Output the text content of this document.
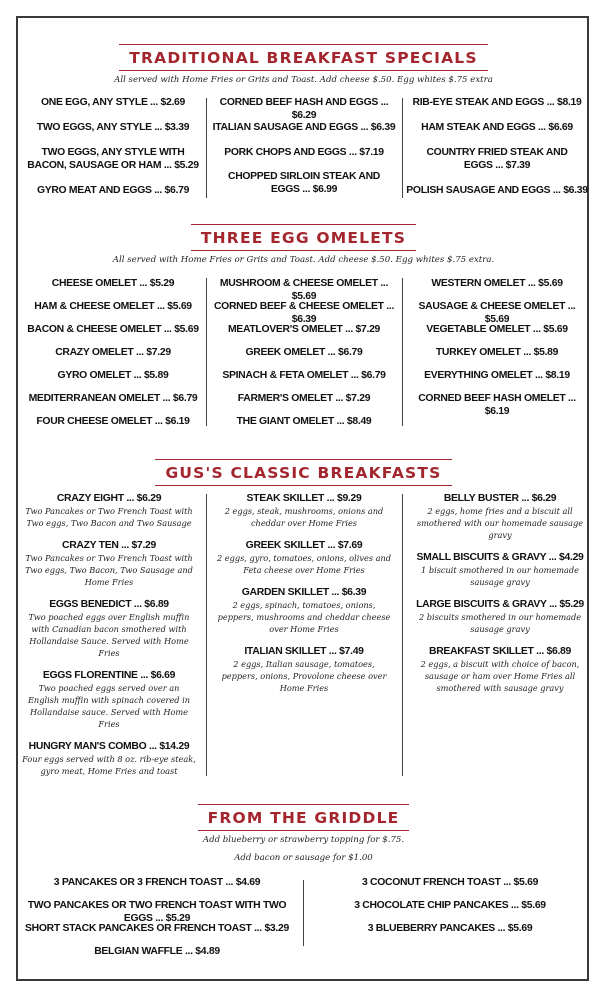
TRADITIONAL BREAKFAST SPECIALS
All served with Home Fries or Grits and Toast. Add cheese $.50. Egg whites $.75 extra
ONE EGG, ANY STYLE ... $2.69
TWO EGGS, ANY STYLE ... $3.39
TWO EGGS, ANY STYLE WITH BACON, SAUSAGE OR HAM ... $5.29
GYRO MEAT AND EGGS ... $6.79
CORNED BEEF HASH AND EGGS ... $6.29
ITALIAN SAUSAGE AND EGGS ... $6.39
PORK CHOPS AND EGGS ... $7.19
CHOPPED SIRLOIN STEAK AND EGGS ... $6.99
RIB-EYE STEAK AND EGGS ... $8.19
HAM STEAK AND EGGS ... $6.69
COUNTRY FRIED STEAK AND EGGS ... $7.39
POLISH SAUSAGE AND EGGS ... $6.39
THREE EGG OMELETS
All served with Home Fries or Grits and Toast. Add cheese $.50. Egg whites $.75 extra.
CHEESE OMELET ... $5.29
HAM & CHEESE OMELET ... $5.69
BACON & CHEESE OMELET ... $5.69
CRAZY OMELET ... $7.29
GYRO OMELET ... $5.89
MEDITERRANEAN OMELET ... $6.79
FOUR CHEESE OMELET ... $6.19
MUSHROOM & CHEESE OMELET ... $5.69
CORNED BEEF & CHEESE OMELET ... $6.39
MEATLOVER'S OMELET ... $7.29
GREEK OMELET ... $6.79
SPINACH & FETA OMELET ... $6.79
FARMER'S OMELET ... $7.29
THE GIANT OMELET ... $8.49
WESTERN OMELET ... $5.69
SAUSAGE & CHEESE OMELET ... $5.69
VEGETABLE OMELET ... $5.69
TURKEY OMELET ... $5.89
EVERYTHING OMELET ... $8.19
CORNED BEEF HASH OMELET ... $6.19
GUS'S CLASSIC BREAKFASTS
CRAZY EIGHT ... $6.29
Two Pancakes or Two French Toast with Two eggs, Two Bacon and Two Sausage
CRAZY TEN ... $7.29
Two Pancakes or Two French Toast with Two eggs, Two Bacon, Two Sausage and Home Fries
EGGS BENEDICT ... $6.89
Two poached eggs over English muffin with Canadian bacon smothered with Hollandaise Sauce. Served with Home Fries
EGGS FLORENTINE ... $6.69
Two poached eggs served over an English muffin with spinach covered in Hollandaise sauce. Served with Home Fries
HUNGRY MAN'S COMBO ... $14.29
Four eggs served with 8 oz. rib-eye steak, gyro meat, Home Fries and toast
STEAK SKILLET ... $9.29
2 eggs, steak, mushrooms, onions and cheddar over Home Fries
GREEK SKILLET ... $7.69
2 eggs, gyro, tomatoes, onions, olives and Feta cheese over Home Fries
GARDEN SKILLET ... $6.39
2 eggs, spinach, tomatoes, onions, peppers, mushrooms and cheddar cheese over Home Fries
ITALIAN SKILLET ... $7.49
2 eggs, Italian sausage, tomatoes, peppers, onions, Provolone cheese over Home Fries
BELLY BUSTER ... $6.29
2 eggs, home fries and a biscuit all smothered with our homemade sausage gravy
SMALL BISCUITS & GRAVY ... $4.29
1 biscuit smothered in our homemade sausage gravy
LARGE BISCUITS & GRAVY ... $5.29
2 biscuits smothered in our homemade sausage gravy
BREAKFAST SKILLET ... $6.89
2 eggs, a biscuit with choice of bacon, sausage or ham over Home Fries all smothered with sausage gravy
FROM THE GRIDDLE
Add blueberry or strawberry topping for $.75.
Add bacon or sausage for $1.00
3 PANCAKES OR 3 FRENCH TOAST ... $4.69
TWO PANCAKES OR TWO FRENCH TOAST WITH TWO EGGS ... $5.29
SHORT STACK PANCAKES OR FRENCH TOAST ... $3.29
BELGIAN WAFFLE ... $4.89
3 COCONUT FRENCH TOAST ... $5.69
3 CHOCOLATE CHIP PANCAKES ... $5.69
3 BLUEBERRY PANCAKES ... $5.69
